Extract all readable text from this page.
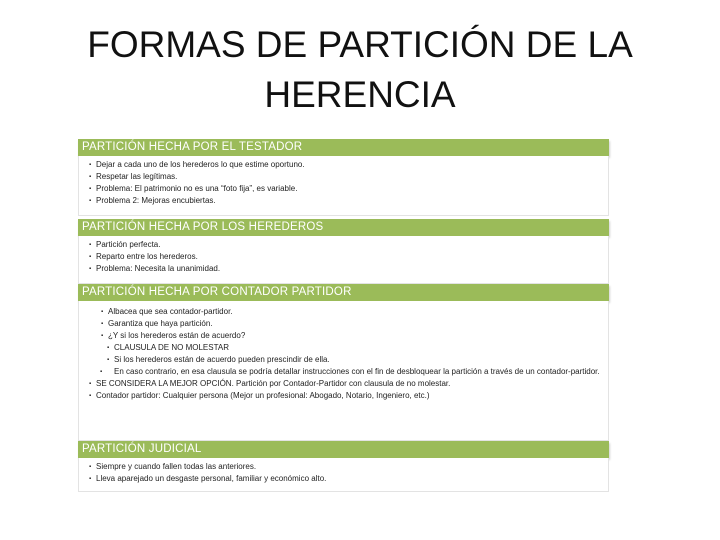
FORMAS DE PARTICIÓN DE LA
HERENCIA
PARTICIÓN HECHA POR EL TESTADOR
▪ Dejar a cada uno de los herederos lo que estime oportuno.
▪ Respetar las legítimas.
▪ Problema: El patrimonio no es una “foto fija”, es variable.
▪ Problema 2: Mejoras encubiertas.
PARTICIÓN HECHA POR LOS HEREDEROS
▪ Partición perfecta.
▪ Reparto entre los herederos.
▪ Problema: Necesita la unanimidad.
PARTICIÓN HECHA POR CONTADOR PARTIDOR
▪ Albacea que sea contador-partidor.
▪ Garantiza que haya partición.
▪ ¿Y si los herederos están de acuerdo?
▪ CLAUSULA DE NO MOLESTAR
▪ Si los herederos están de acuerdo pueden prescindir de ella.
▪ En caso contrario, en esa clausula se podría detallar instrucciones con el fin de desbloquear la partición a través de un contador-partidor.
▪ SE CONSIDERA LA MEJOR OPCIÓN. Partición por Contador-Partidor con clausula de no molestar.
▪ Contador partidor: Cualquier persona (Mejor un profesional: Abogado, Notario, Ingeniero, etc.)
PARTICIÓN JUDICIAL
▪ Siempre y cuando fallen todas las anteriores.
▪ Lleva aparejado un desgaste personal, familiar y económico alto.
